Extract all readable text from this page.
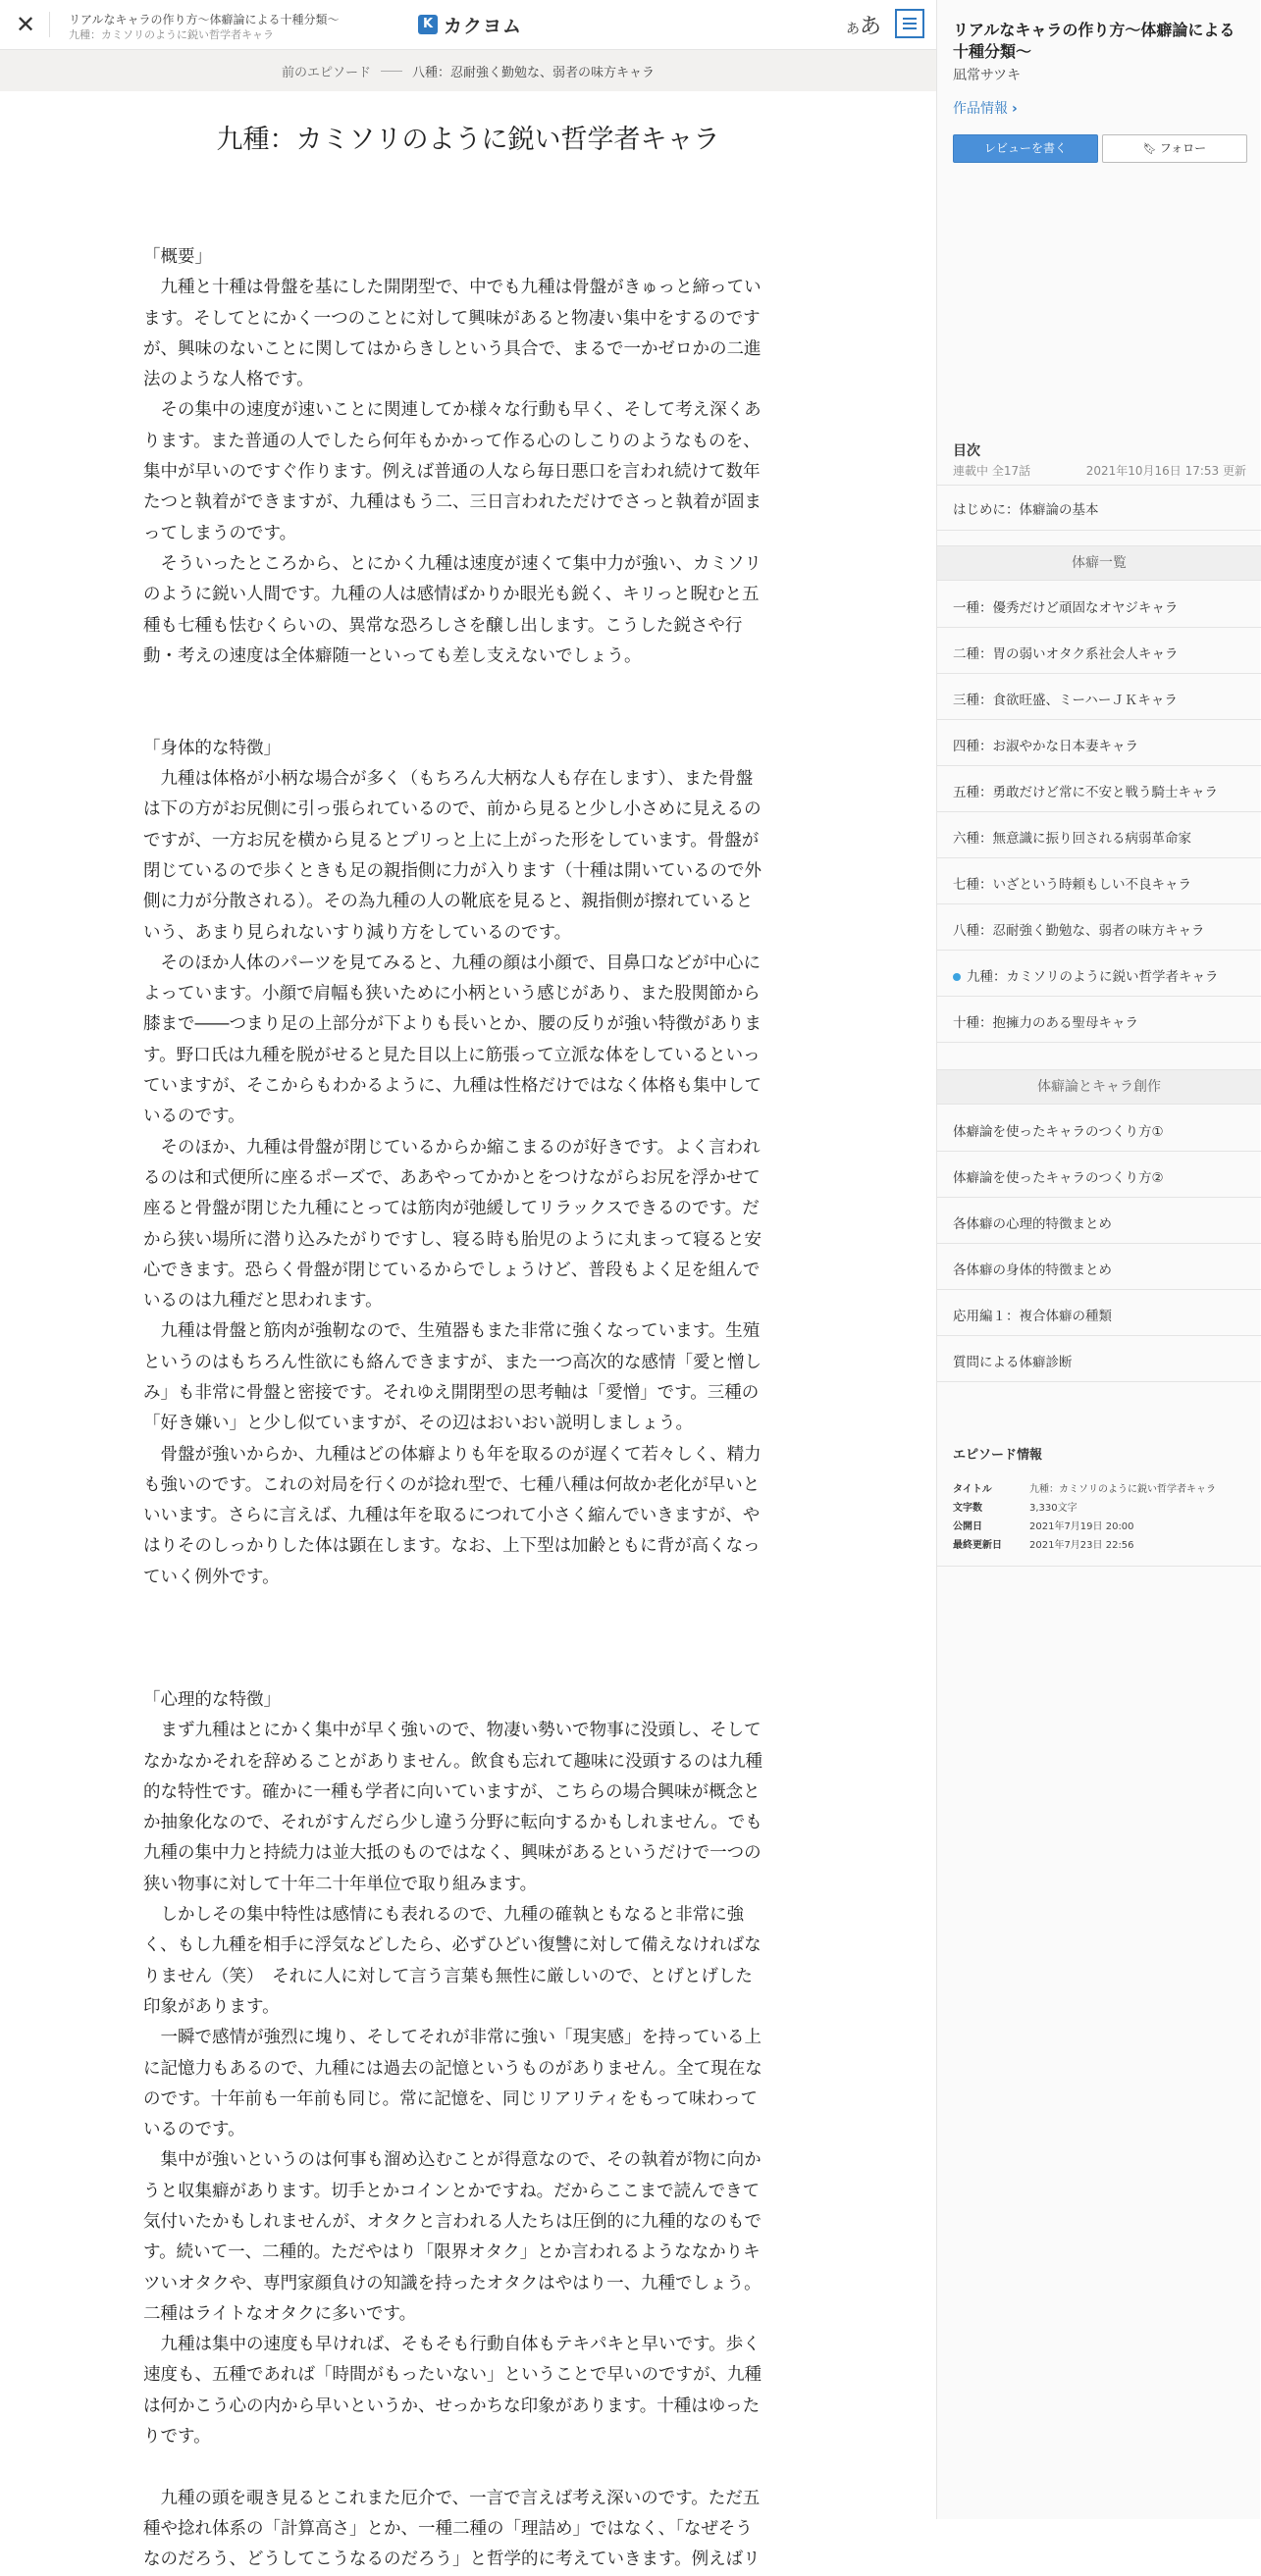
✕	リアルなキャラの作り方～体癖論による十種分類～
九種：カミソリのように鋭い哲学者キャラ
K カクヨム	ああ
前のエピソード	八種：忍耐強く勤勉な、弱者の味方キャラ
九種：カミソリのように鋭い哲学者キャラ

「概要」

　九種と十種は骨盤を基にした開閉型で、中でも九種は骨盤がきゅっと締ってい

ます。そしてとにかく一つのことに対して興味があると物凄い集中をするのです

が、興味のないことに関してはからきしという具合で、まるで一かゼロかの二進

法のような人格です。

　その集中の速度が速いことに関連してか様々な行動も早く、そして考え深くあ

ります。また普通の人でしたら何年もかかって作る心のしこりのようなものを、

集中が早いのですぐ作ります。例えば普通の人なら毎日悪口を言われ続けて数年

たつと執着ができますが、九種はもう二、三日言われただけでさっと執着が固ま

ってしまうのです。

　そういったところから、とにかく九種は速度が速くて集中力が強い、カミソリ

のように鋭い人間です。九種の人は感情ばかりか眼光も鋭く、キリっと睨むと五

種も七種も怯むくらいの、異常な恐ろしさを醸し出します。こうした鋭さや行

動・考えの速度は全体癖随一といっても差し支えないでしょう。

「身体的な特徴」

　九種は体格が小柄な場合が多く（もちろん大柄な人も存在します）、また骨盤

は下の方がお尻側に引っ張られているので、前から見ると少し小さめに見えるの

ですが、一方お尻を横から見るとプリっと上に上がった形をしています。骨盤が

閉じているので歩くときも足の親指側に力が入ります（十種は開いているので外

側に力が分散される）。その為九種の人の靴底を見ると、親指側が擦れていると

いう、あまり見られないすり減り方をしているのです。

　そのほか人体のパーツを見てみると、九種の顔は小顔で、目鼻口などが中心に

よっています。小顔で肩幅も狭いために小柄という感じがあり、また股関節から

膝まで――つまり足の上部分が下よりも長いとか、腰の反りが強い特徴がありま

す。野口氏は九種を脱がせると見た目以上に筋張って立派な体をしているといっ

ていますが、そこからもわかるように、九種は性格だけではなく体格も集中して

いるのです。

　そのほか、九種は骨盤が閉じているからか縮こまるのが好きです。よく言われ

るのは和式便所に座るポーズで、ああやってかかとをつけながらお尻を浮かせて

座ると骨盤が閉じた九種にとっては筋肉が弛緩してリラックスできるのです。だ

から狭い場所に潜り込みたがりですし、寝る時も胎児のように丸まって寝ると安

心できます。恐らく骨盤が閉じているからでしょうけど、普段もよく足を組んで

いるのは九種だと思われます。

　九種は骨盤と筋肉が強靭なので、生殖器もまた非常に強くなっています。生殖

というのはもちろん性欲にも絡んできますが、また一つ高次的な感情「愛と憎し

み」も非常に骨盤と密接です。それゆえ開閉型の思考軸は「愛憎」です。三種の

「好き嫌い」と少し似ていますが、その辺はおいおい説明しましょう。

　骨盤が強いからか、九種はどの体癖よりも年を取るのが遅くて若々しく、精力

も強いのです。これの対局を行くのが捻れ型で、七種八種は何故か老化が早いと

いいます。さらに言えば、九種は年を取るにつれて小さく縮んでいきますが、や

はりそのしっかりした体は顕在します。なお、上下型は加齢ともに背が高くなっ

ていく例外です。

「心理的な特徴」

　まず九種はとにかく集中が早く強いので、物凄い勢いで物事に没頭し、そして

なかなかそれを辞めることがありません。飲食も忘れて趣味に没頭するのは九種

的な特性です。確かに一種も学者に向いていますが、こちらの場合興味が概念と

か抽象化なので、それがすんだら少し違う分野に転向するかもしれません。でも

九種の集中力と持続力は並大抵のものではなく、興味があるというだけで一つの

狭い物事に対して十年二十年単位で取り組みます。

　しかしその集中特性は感情にも表れるので、九種の確執ともなると非常に強

く、もし九種を相手に浮気などしたら、必ずひどい復讐に対して備えなければな

りません（笑）　それに人に対して言う言葉も無性に厳しいので、とげとげした

印象があります。

　一瞬で感情が強烈に塊り、そしてそれが非常に強い「現実感」を持っている上

に記憶力もあるので、九種には過去の記憶というものがありません。全て現在な

のです。十年前も一年前も同じ。常に記憶を、同じリアリティをもって味わって

いるのです。

　集中が強いというのは何事も溜め込むことが得意なので、その執着が物に向か

うと収集癖があります。切手とかコインとかですね。だからここまで読んできて

気付いたかもしれませんが、オタクと言われる人たちは圧倒的に九種的なのもで

す。続いて一、二種的。ただやはり「限界オタク」とか言われるようななかりキ

ツいオタクや、専門家顔負けの知識を持ったオタクはやはり一、九種でしょう。

二種はライトなオタクに多いです。

　九種は集中の速度も早ければ、そもそも行動自体もテキパキと早いです。歩く

速度も、五種であれば「時間がもったいない」ということで早いのですが、九種

は何かこう心の内から早いというか、せっかちな印象があります。十種はゆった

りです。

　九種の頭を覗き見るとこれまた厄介で、一言で言えば考え深いのです。ただ五

種や捻れ体系の「計算高さ」とか、一種二種の「理詰め」ではなく、「なぜそう

なのだろう、どうしてこうなるのだろう」と哲学的に考えていきます。例えばリ

リアルなキャラの作り方～体癖論による十種分類～
凪常サツキ
作品情報 ›
レビューを書く	🔖︎ フォロー
目次
連載中 全17話	2021年10月16日 17:53 更新
はじめに：体癖論の基本
体癖一覧
一種：優秀だけど頑固なオヤジキャラ
二種：胃の弱いオタク系社会人キャラ
三種：食欲旺盛、ミーハーＪＫキャラ
四種：お淑やかな日本妻キャラ
五種：勇敢だけど常に不安と戦う騎士キャラ
六種：無意識に振り回される病弱革命家
七種：いざという時頼もしい不良キャラ
八種：忍耐強く勤勉な、弱者の味方キャラ
九種：カミソリのように鋭い哲学者キャラ
十種：抱擁力のある聖母キャラ
体癖論とキャラ創作
体癖論を使ったキャラのつくり方①
体癖論を使ったキャラのつくり方②
各体癖の心理的特徴まとめ
各体癖の身体的特徴まとめ
応用編１：複合体癖の種類
質問による体癖診断
エピソード情報
タイトル	九種：カミソリのように鋭い哲学者キャラ
文字数	3,330文字
公開日	2021年7月19日 20:00
最終更新日	2021年7月23日 22:56
